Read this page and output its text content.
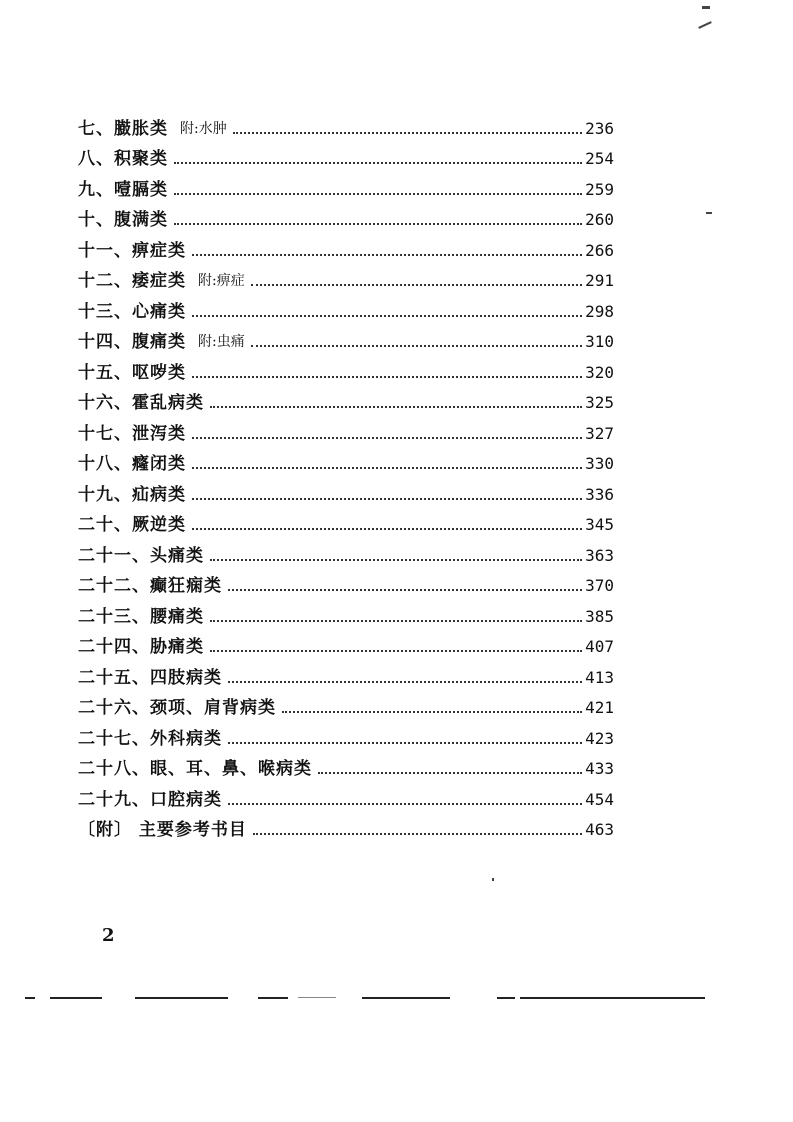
七、臌胀类 附:水肿	236
八、积聚类	254
九、噎膈类	259
十、腹满类	260
十一、痹症类	266
十二、痿症类 附:痹症	291
十三、心痛类	298
十四、腹痛类 附:虫痛	310
十五、呕哕类	320
十六、霍乱病类	325
十七、泄泻类	327
十八、癃闭类	330
十九、疝病类	336
二十、厥逆类	345
二十一、头痛类	363
二十二、癫狂痫类	370
二十三、腰痛类	385
二十四、胁痛类	407
二十五、四肢病类	413
二十六、颈项、肩背病类	421
二十七、外科病类	423
二十八、眼、耳、鼻、喉病类	433
二十九、口腔病类	454
〔附〕 主要参考书目	463
2
